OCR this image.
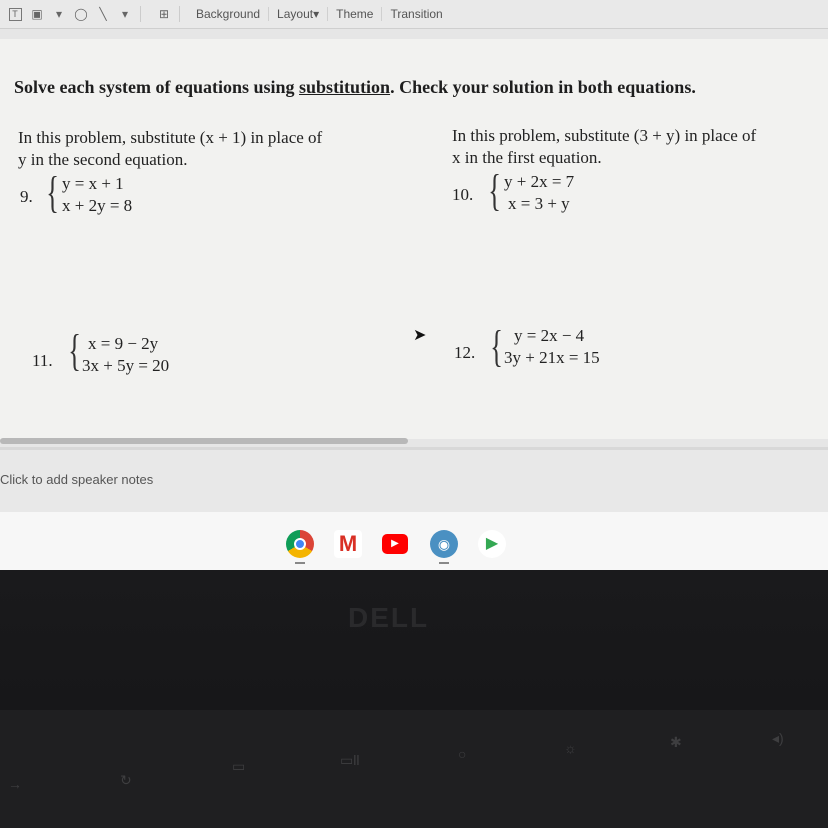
T	▣	▾	◯ ╲	▾	⊞	Background	Layout▾	Theme	Transition
Solve each system of equations using substitution. Check your solution in both equations.
In this problem, substitute (x + 1) in place of
y in the second equation.
In this problem, substitute (3 + y) in place of
x in the first equation.
9. { y = x + 1
x + 2y = 8
10. { y + 2x = 7
x = 3 + y
11. { x = 9 − 2y
3x + 5y = 20
12. { y = 2x − 4
3y + 21x = 15
➤
Click to add speaker notes
M	▶	◉	▶
DELL
→	↻
▭	▭ll	○	☼	✱	◂)
